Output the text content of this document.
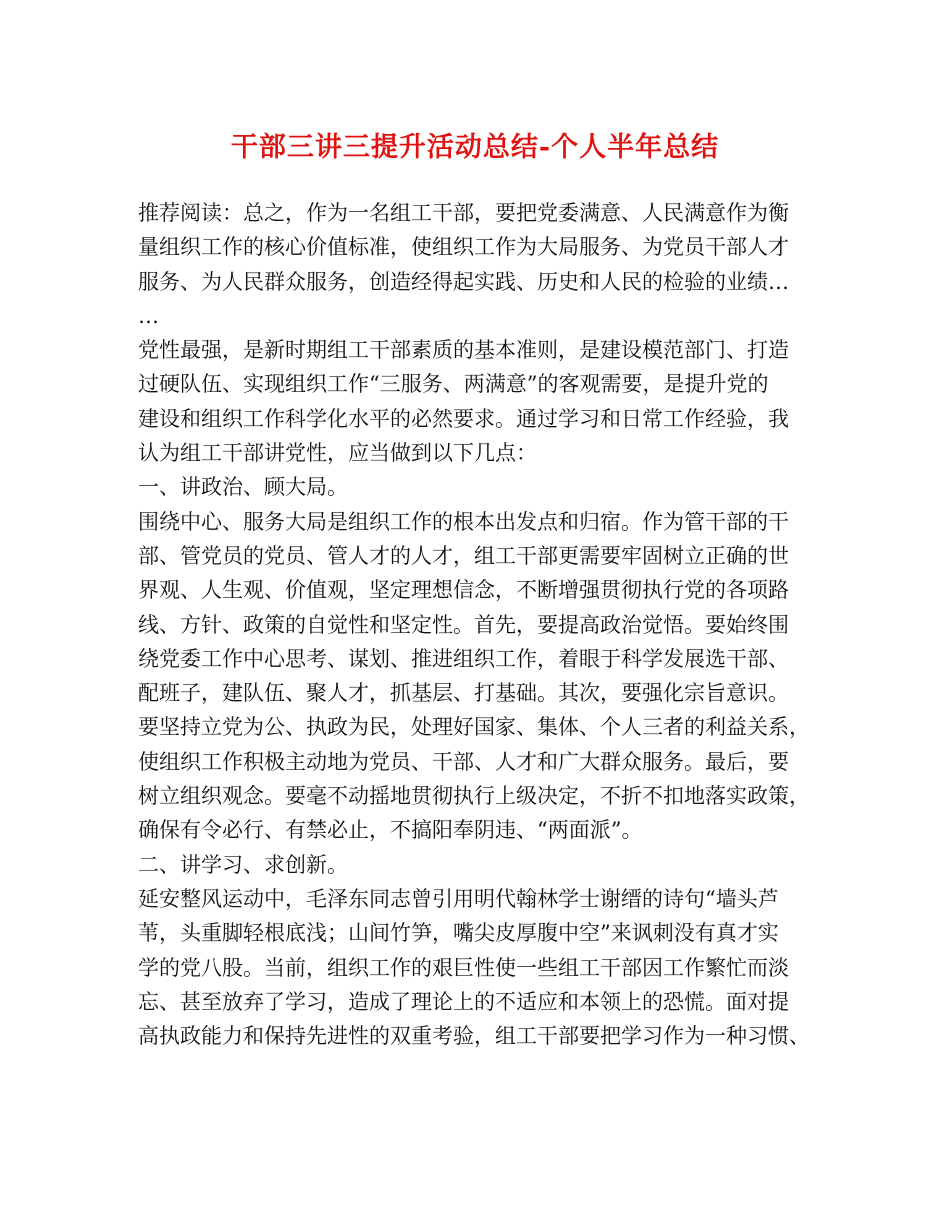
干部三讲三提升活动总结-个人半年总结
推荐阅读：总之，作为一名组工干部，要把党委满意、人民满意作为衡
量组织工作的核心价值标准，使组织工作为大局服务、为党员干部人才
服务、为人民群众服务，创造经得起实践、历史和人民的检验的业绩…
…
党性最强，是新时期组工干部素质的基本准则，是建设模范部门、打造
过硬队伍、实现组织工作“三服务、两满意”的客观需要，是提升党的
建设和组织工作科学化水平的必然要求。通过学习和日常工作经验，我
认为组工干部讲党性，应当做到以下几点：
一、讲政治、顾大局。
围绕中心、服务大局是组织工作的根本出发点和归宿。作为管干部的干
部、管党员的党员、管人才的人才，组工干部更需要牢固树立正确的世
界观、人生观、价值观，坚定理想信念，不断增强贯彻执行党的各项路
线、方针、政策的自觉性和坚定性。首先，要提高政治觉悟。要始终围
绕党委工作中心思考、谋划、推进组织工作，着眼于科学发展选干部、
配班子，建队伍、聚人才，抓基层、打基础。其次，要强化宗旨意识。
要坚持立党为公、执政为民，处理好国家、集体、个人三者的利益关系，
使组织工作积极主动地为党员、干部、人才和广大群众服务。最后，要
树立组织观念。要毫不动摇地贯彻执行上级决定，不折不扣地落实政策，
确保有令必行、有禁必止，不搞阳奉阴违、“两面派”。
二、讲学习、求创新。
延安整风运动中，毛泽东同志曾引用明代翰林学士谢缙的诗句“墙头芦
苇，头重脚轻根底浅；山间竹笋，嘴尖皮厚腹中空”来讽刺没有真才实
学的党八股。当前，组织工作的艰巨性使一些组工干部因工作繁忙而淡
忘、甚至放弃了学习，造成了理论上的不适应和本领上的恐慌。面对提
高执政能力和保持先进性的双重考验，组工干部要把学习作为一种习惯、
